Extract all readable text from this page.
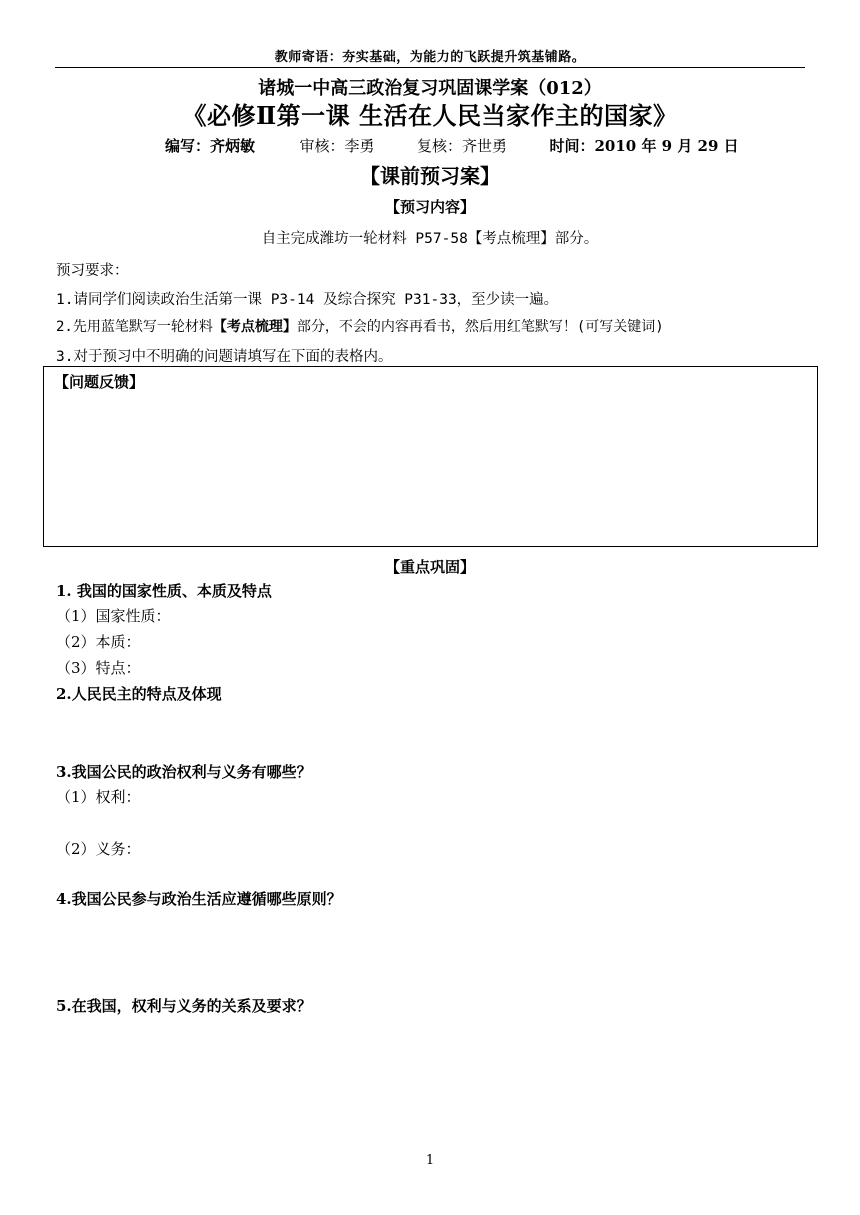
教师寄语：夯实基础，为能力的飞跃提升筑基铺路。
诸城一中高三政治复习巩固课学案（012）
《必修Ⅱ第一课 生活在人民当家作主的国家》
编写：齐炳敏	审核：李勇	复核：齐世勇	时间：2010 年 9 月 29 日
【课前预习案】
【预习内容】
自主完成潍坊一轮材料 P57-58【考点梳理】部分。
预习要求：
1.请同学们阅读政治生活第一课 P3-14 及综合探究 P31-33，至少读一遍。
2.先用蓝笔默写一轮材料【考点梳理】部分，不会的内容再看书，然后用红笔默写！(可写关键词)
3.对于预习中不明确的问题请填写在下面的表格内。
【问题反馈】
【重点巩固】
1. 我国的国家性质、本质及特点
（1）国家性质：
（2）本质：
（3）特点：
2.人民民主的特点及体现
3.我国公民的政治权利与义务有哪些？
（1）权利：
（2）义务：
4.我国公民参与政治生活应遵循哪些原则？
5.在我国，权利与义务的关系及要求？
1
